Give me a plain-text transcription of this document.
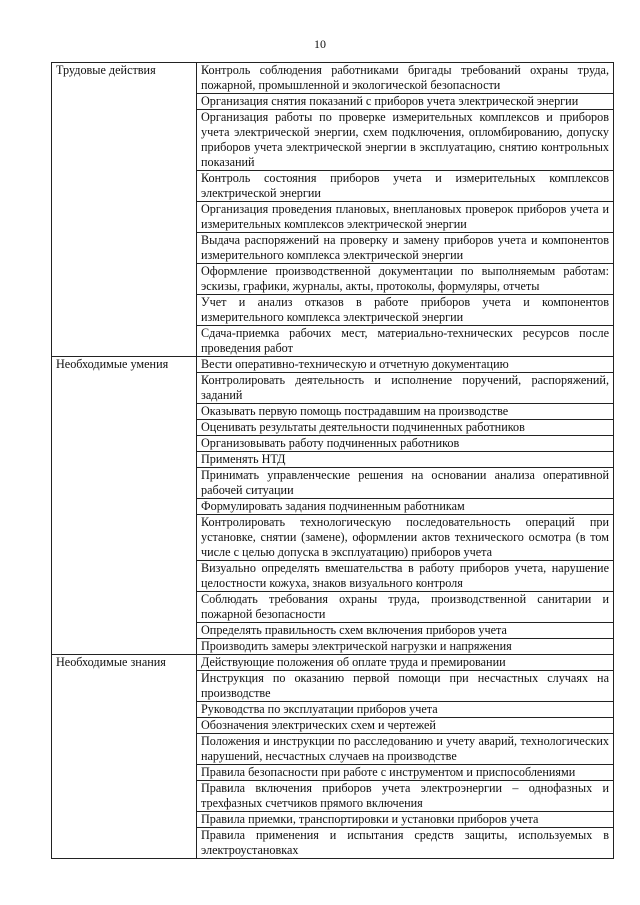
10
Трудовые действия	Контроль соблюдения работниками бригады требований охраны труда, пожарной, промышленной и экологической безопасности
	Организация снятия показаний с приборов учета электрической энергии
	Организация работы по проверке измерительных комплексов и приборов учета электрической энергии, схем подключения, опломбированию, допуску приборов учета электрической энергии в эксплуатацию, снятию контрольных показаний
	Контроль состояния приборов учета и измерительных комплексов электрической энергии
	Организация проведения плановых, внеплановых проверок приборов учета и измерительных комплексов электрической энергии
	Выдача распоряжений на проверку и замену приборов учета и компонентов измерительного комплекса электрической энергии
	Оформление производственной документации по выполняемым работам: эскизы, графики, журналы, акты, протоколы, формуляры, отчеты
	Учет и анализ отказов в работе приборов учета и компонентов измерительного комплекса электрической энергии
	Сдача-приемка рабочих мест, материально-технических ресурсов после проведения работ
Необходимые умения	Вести оперативно-техническую и отчетную документацию
	Контролировать деятельность и исполнение поручений, распоряжений, заданий
	Оказывать первую помощь пострадавшим на производстве
	Оценивать результаты деятельности подчиненных работников
	Организовывать работу подчиненных работников
	Применять НТД
	Принимать управленческие решения на основании анализа оперативной рабочей ситуации
	Формулировать задания подчиненным работникам
	Контролировать технологическую последовательность операций при установке, снятии (замене), оформлении актов технического осмотра (в том числе с целью допуска в эксплуатацию) приборов учета
	Визуально определять вмешательства в работу приборов учета, нарушение целостности кожуха, знаков визуального контроля
	Соблюдать требования охраны труда, производственной санитарии и пожарной безопасности
	Определять правильность схем включения приборов учета
	Производить замеры электрической нагрузки и напряжения
Необходимые знания	Действующие положения об оплате труда и премировании
	Инструкция по оказанию первой помощи при несчастных случаях на производстве
	Руководства по эксплуатации приборов учета
	Обозначения электрических схем и чертежей
	Положения и инструкции по расследованию и учету аварий, технологических нарушений, несчастных случаев на производстве
	Правила безопасности при работе с инструментом и приспособлениями
	Правила включения приборов учета электроэнергии – однофазных и трехфазных счетчиков прямого включения
	Правила приемки, транспортировки и установки приборов учета
	Правила применения и испытания средств защиты, используемых в электроустановках
